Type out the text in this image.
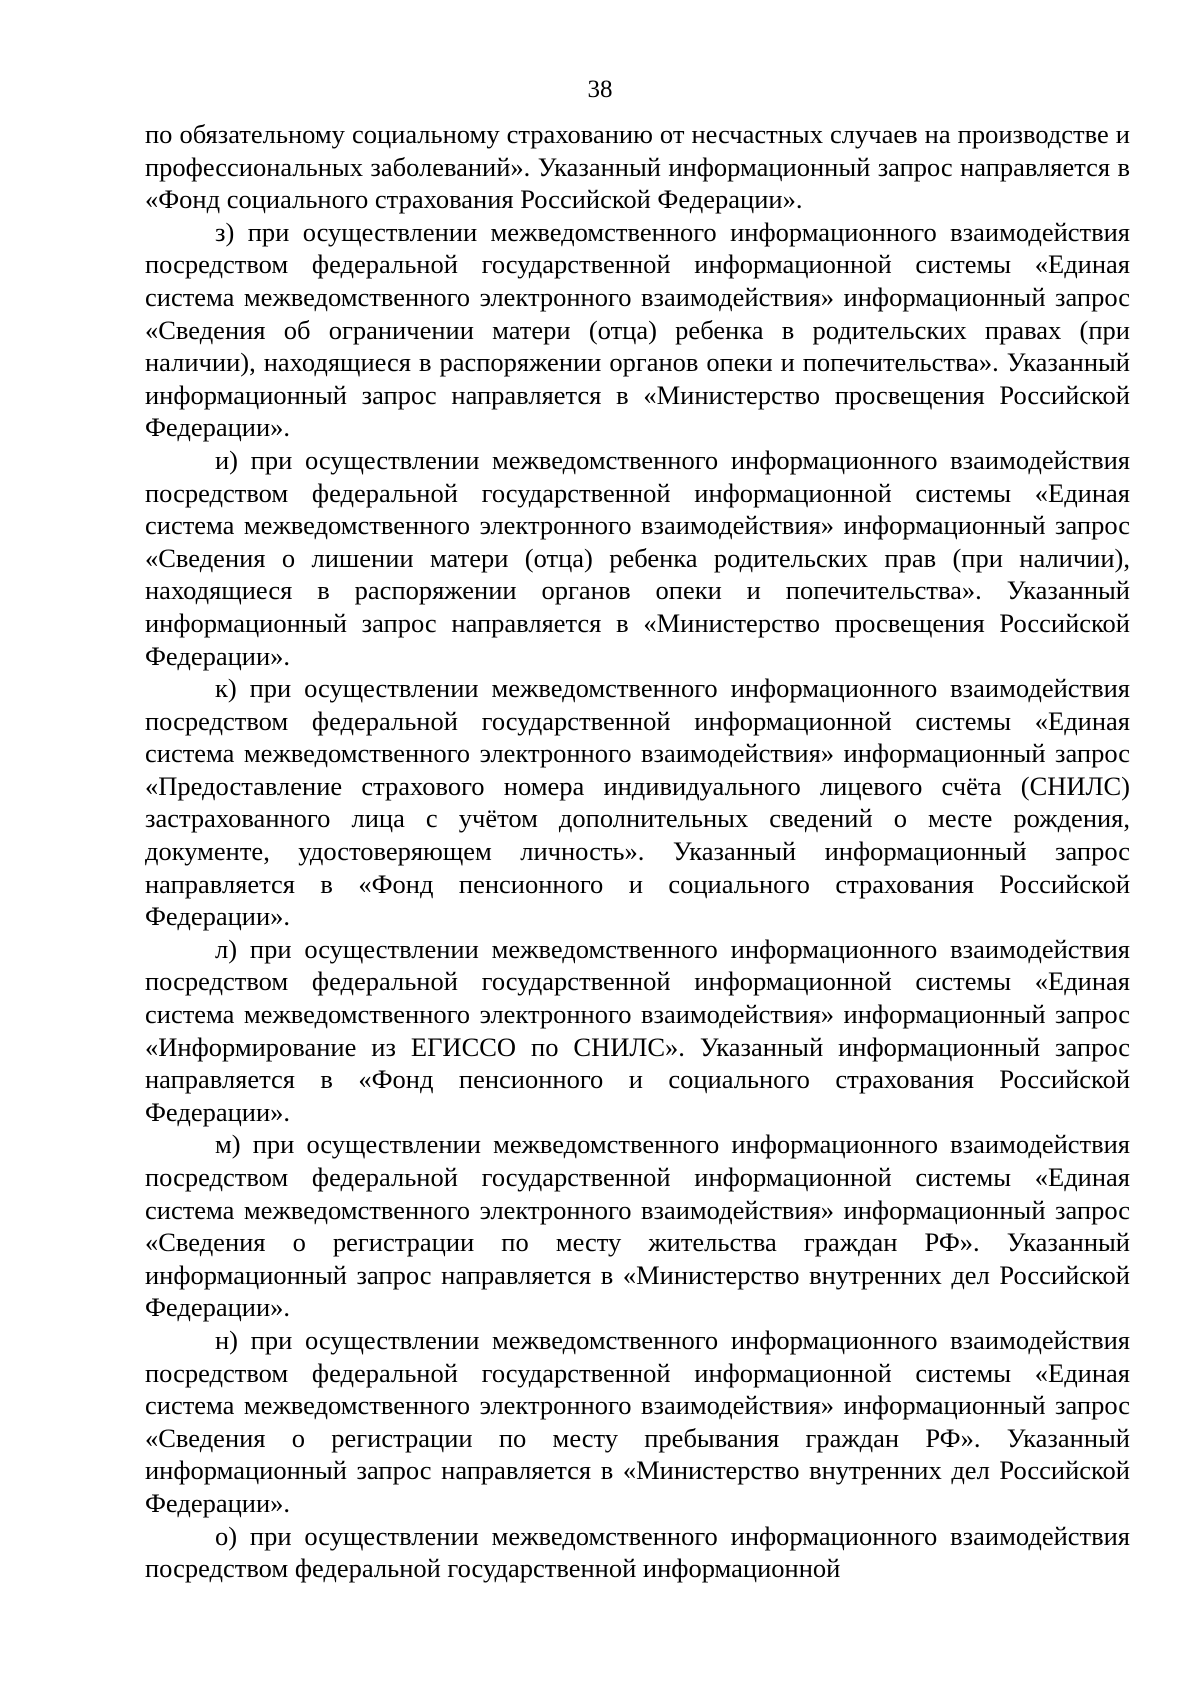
38

по обязательному социальному страхованию от несчастных случаев на производстве и профессиональных заболеваний». Указанный информационный запрос направляется в «Фонд социального страхования Российской Федерации».

з) при осуществлении межведомственного информационного взаимодействия посредством федеральной государственной информационной системы «Единая система межведомственного электронного взаимодействия» информационный запрос «Сведения об ограничении матери (отца) ребенка в родительских правах (при наличии), находящиеся в распоряжении органов опеки и попечительства». Указанный информационный запрос направляется в «Министерство просвещения Российской Федерации».

и) при осуществлении межведомственного информационного взаимодействия посредством федеральной государственной информационной системы «Единая система межведомственного электронного взаимодействия» информационный запрос «Сведения о лишении матери (отца) ребенка родительских прав (при наличии), находящиеся в распоряжении органов опеки и попечительства». Указанный информационный запрос направляется в «Министерство просвещения Российской Федерации».

к) при осуществлении межведомственного информационного взаимодействия посредством федеральной государственной информационной системы «Единая система межведомственного электронного взаимодействия» информационный запрос «Предоставление страхового номера индивидуального лицевого счёта (СНИЛС) застрахованного лица с учётом дополнительных сведений о месте рождения, документе, удостоверяющем личность». Указанный информационный запрос направляется в «Фонд пенсионного и социального страхования Российской Федерации».

л) при осуществлении межведомственного информационного взаимодействия посредством федеральной государственной информационной системы «Единая система межведомственного электронного взаимодействия» информационный запрос «Информирование из ЕГИССО по СНИЛС». Указанный информационный запрос направляется в «Фонд пенсионного и социального страхования Российской Федерации».

м) при осуществлении межведомственного информационного взаимодействия посредством федеральной государственной информационной системы «Единая система межведомственного электронного взаимодействия» информационный запрос «Сведения о регистрации по месту жительства граждан РФ». Указанный информационный запрос направляется в «Министерство внутренних дел Российской Федерации».

н) при осуществлении межведомственного информационного взаимодействия посредством федеральной государственной информационной системы «Единая система межведомственного электронного взаимодействия» информационный запрос «Сведения о регистрации по месту пребывания граждан РФ». Указанный информационный запрос направляется в «Министерство внутренних дел Российской Федерации».

о) при осуществлении межведомственного информационного взаимодействия посредством федеральной государственной информационной
